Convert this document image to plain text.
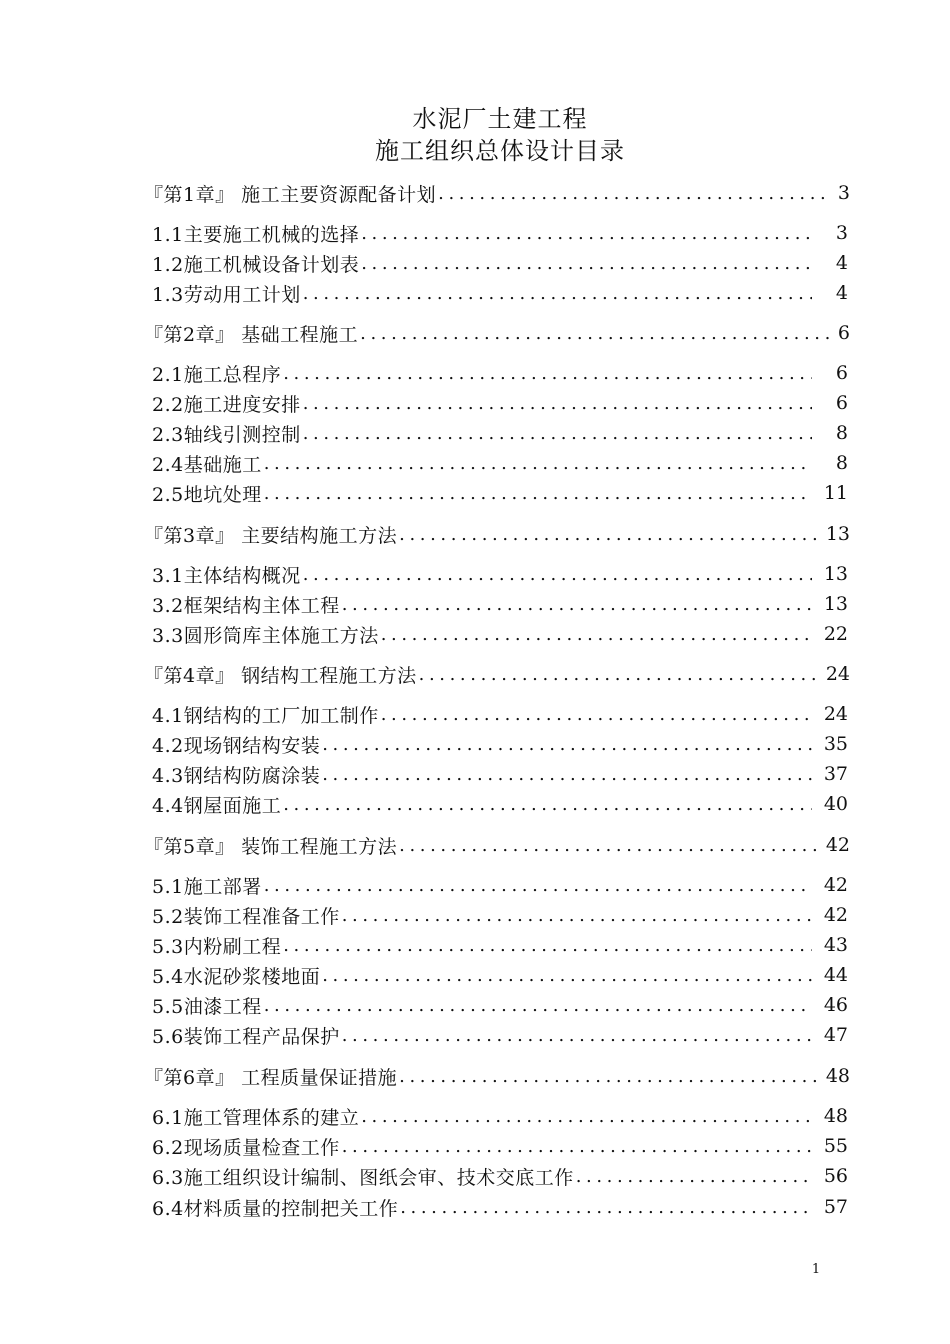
水泥厂土建工程
施工组织总体设计目录
『第1章』 施工主要资源配备计划 .....	3
1.1主要施工机械的选择 .....	3
1.2施工机械设备计划表 .....	4
1.3劳动用工计划 .....	4
『第2章』 基础工程施工 .....	6
2.1施工总程序 .....	6
2.2施工进度安排 .....	6
2.3轴线引测控制 .....	8
2.4基础施工 .....	8
2.5地坑处理 .....	11
『第3章』 主要结构施工方法 .....	13
3.1主体结构概况 .....	13
3.2框架结构主体工程 .....	13
3.3圆形筒库主体施工方法 .....	22
『第4章』 钢结构工程施工方法 .....	24
4.1钢结构的工厂加工制作 .....	24
4.2现场钢结构安装 .....	35
4.3钢结构防腐涂装 .....	37
4.4钢屋面施工 .....	40
『第5章』 装饰工程施工方法 .....	42
5.1施工部署 .....	42
5.2装饰工程准备工作 .....	42
5.3内粉刷工程 .....	43
5.4水泥砂浆楼地面 .....	44
5.5油漆工程 .....	46
5.6装饰工程产品保护 .....	47
『第6章』 工程质量保证措施 .....	48
6.1施工管理体系的建立 .....	48
6.2现场质量检查工作 .....	55
6.3施工组织设计编制、图纸会审、技术交底工作 .....	56
6.4材料质量的控制把关工作 .....	57
1
